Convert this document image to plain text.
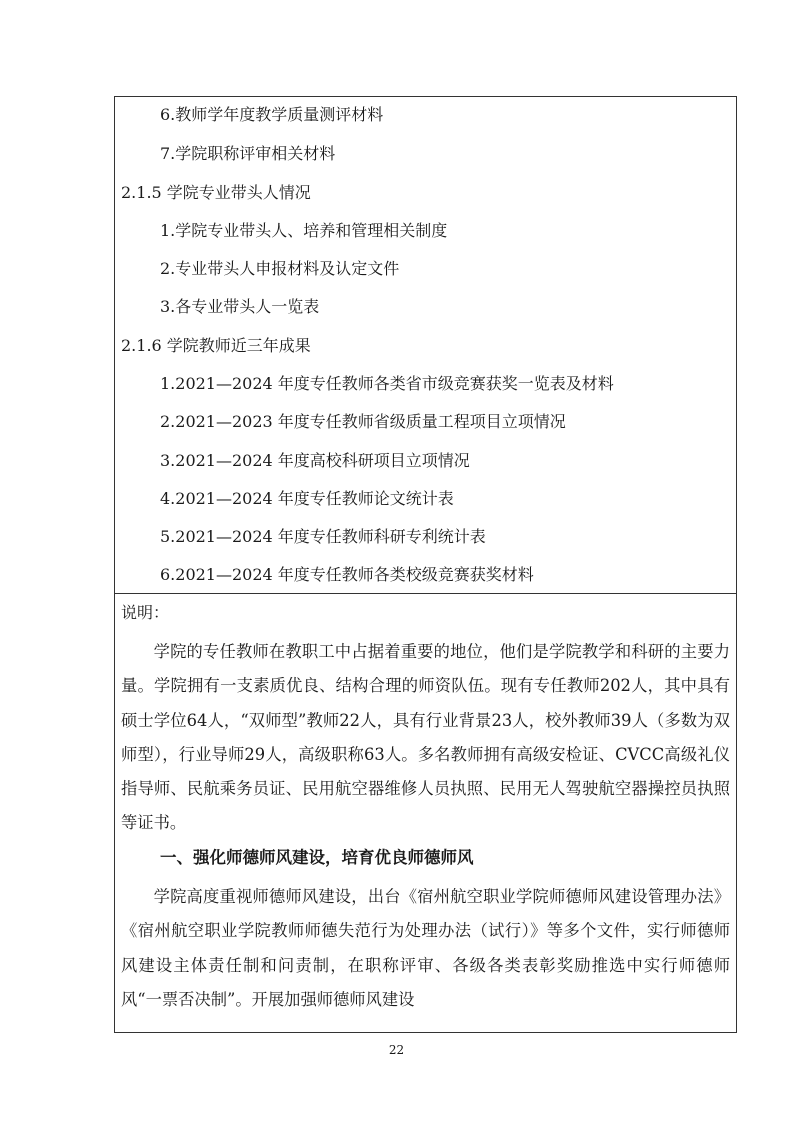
6.教师学年度教学质量测评材料
7.学院职称评审相关材料
2.1.5 学院专业带头人情况
1.学院专业带头人、培养和管理相关制度
2.专业带头人申报材料及认定文件
3.各专业带头人一览表
2.1.6 学院教师近三年成果
1.2021—2024 年度专任教师各类省市级竞赛获奖一览表及材料
2.2021—2023 年度专任教师省级质量工程项目立项情况
3.2021—2024 年度高校科研项目立项情况
4.2021—2024 年度专任教师论文统计表
5.2021—2024 年度专任教师科研专利统计表
6.2021—2024 年度专任教师各类校级竞赛获奖材料
说明：

学院的专任教师在教职工中占据着重要的地位，他们是学院教学和科研的主要力量。学院拥有一支素质优良、结构合理的师资队伍。现有专任教师202人，其中具有硕士学位64人，“双师型”教师22人，具有行业背景23人，校外教师39人（多数为双师型），行业导师29人，高级职称63人。多名教师拥有高级安检证、CVCC高级礼仪指导师、民航乘务员证、民用航空器维修人员执照、民用无人驾驶航空器操控员执照等证书。

一、强化师德师风建设，培育优良师德师风

学院高度重视师德师风建设，出台《宿州航空职业学院师德师风建设管理办法》《宿州航空职业学院教师师德失范行为处理办法（试行）》等多个文件，实行师德师风建设主体责任制和问责制，在职称评审、各级各类表彰奖励推选中实行师德师风“一票否决制”。开展加强师德师风建设

22
